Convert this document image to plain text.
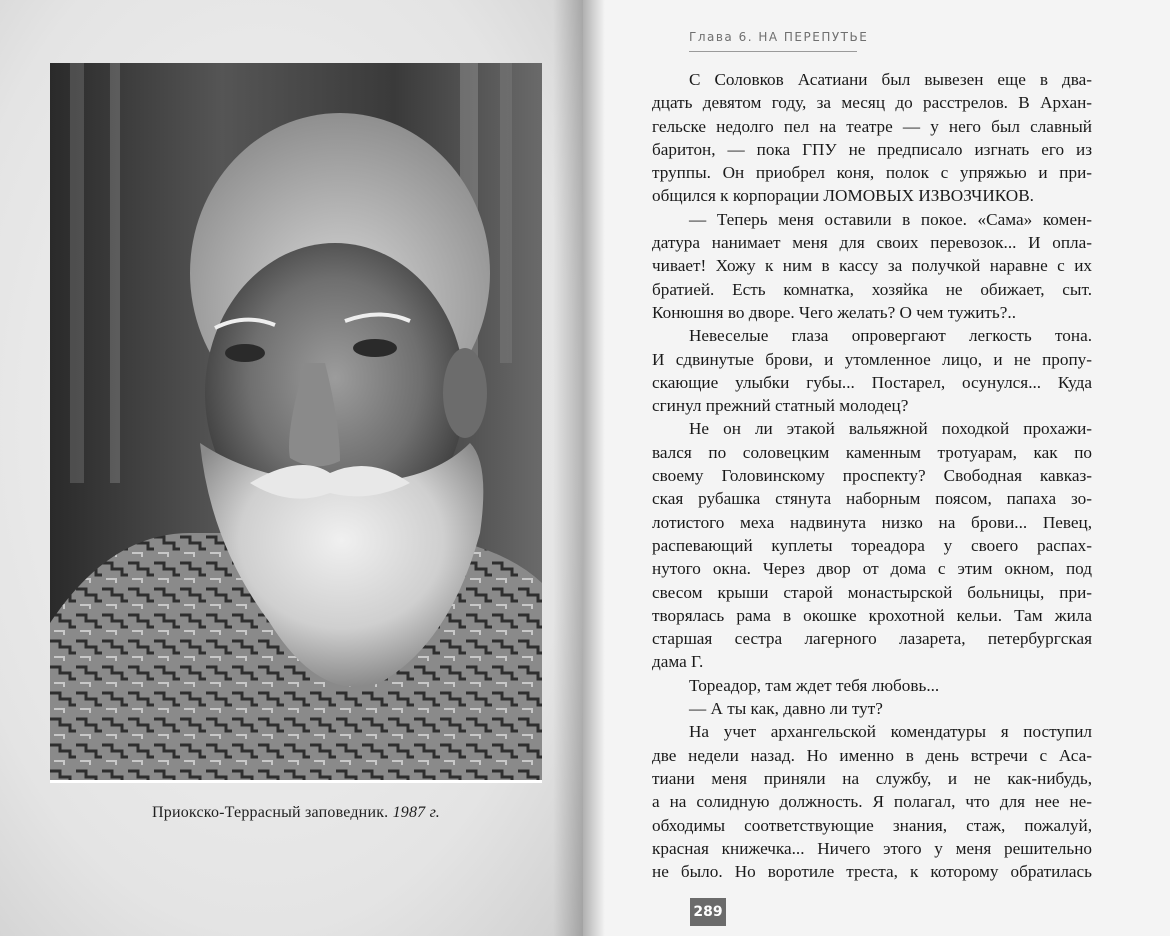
Приокско-Террасный заповедник. 1987 г.
Глава 6. НА ПЕРЕПУТЬЕ
С Соловков Асатиани был вывезен еще в два-
дцать девятом году, за месяц до расстрелов. В Архан-
гельске недолго пел на театре — у него был славный
баритон, — пока ГПУ не предписало изгнать его из
труппы. Он приобрел коня, полок с упряжью и при-
общился к корпорации ЛОМОВЫХ ИЗВОЗЧИКОВ.
— Теперь меня оставили в покое. «Сама» комен-
датура нанимает меня для своих перевозок... И опла-
чивает! Хожу к ним в кассу за получкой наравне с их
братией. Есть комнатка, хозяйка не обижает, сыт.
Конюшня во дворе. Чего желать? О чем тужить?..
Невеселые глаза опровергают легкость тона.
И сдвинутые брови, и утомленное лицо, и не пропу-
скающие улыбки губы... Постарел, осунулся... Куда
сгинул прежний статный молодец?
Не он ли этакой вальяжной походкой прохажи-
вался по соловецким каменным тротуарам, как по
своему Головинскому проспекту? Свободная кавказ-
ская рубашка стянута наборным поясом, папаха зо-
лотистого меха надвинута низко на брови... Певец,
распевающий куплеты тореадора у своего распах-
нутого окна. Через двор от дома с этим окном, под
свесом крыши старой монастырской больницы, при-
творялась рама в окошке крохотной кельи. Там жила
старшая сестра лагерного лазарета, петербургская
дама Г.
Тореадор, там ждет тебя любовь...
— А ты как, давно ли тут?
На учет архангельской комендатуры я поступил
две недели назад. Но именно в день встречи с Аса-
тиани меня приняли на службу, и не как-нибудь,
а на солидную должность. Я полагал, что для нее не-
обходимы соответствующие знания, стаж, пожалуй,
красная книжечка... Ничего этого у меня решительно
не было. Но воротиле треста, к которому обратилась
289
